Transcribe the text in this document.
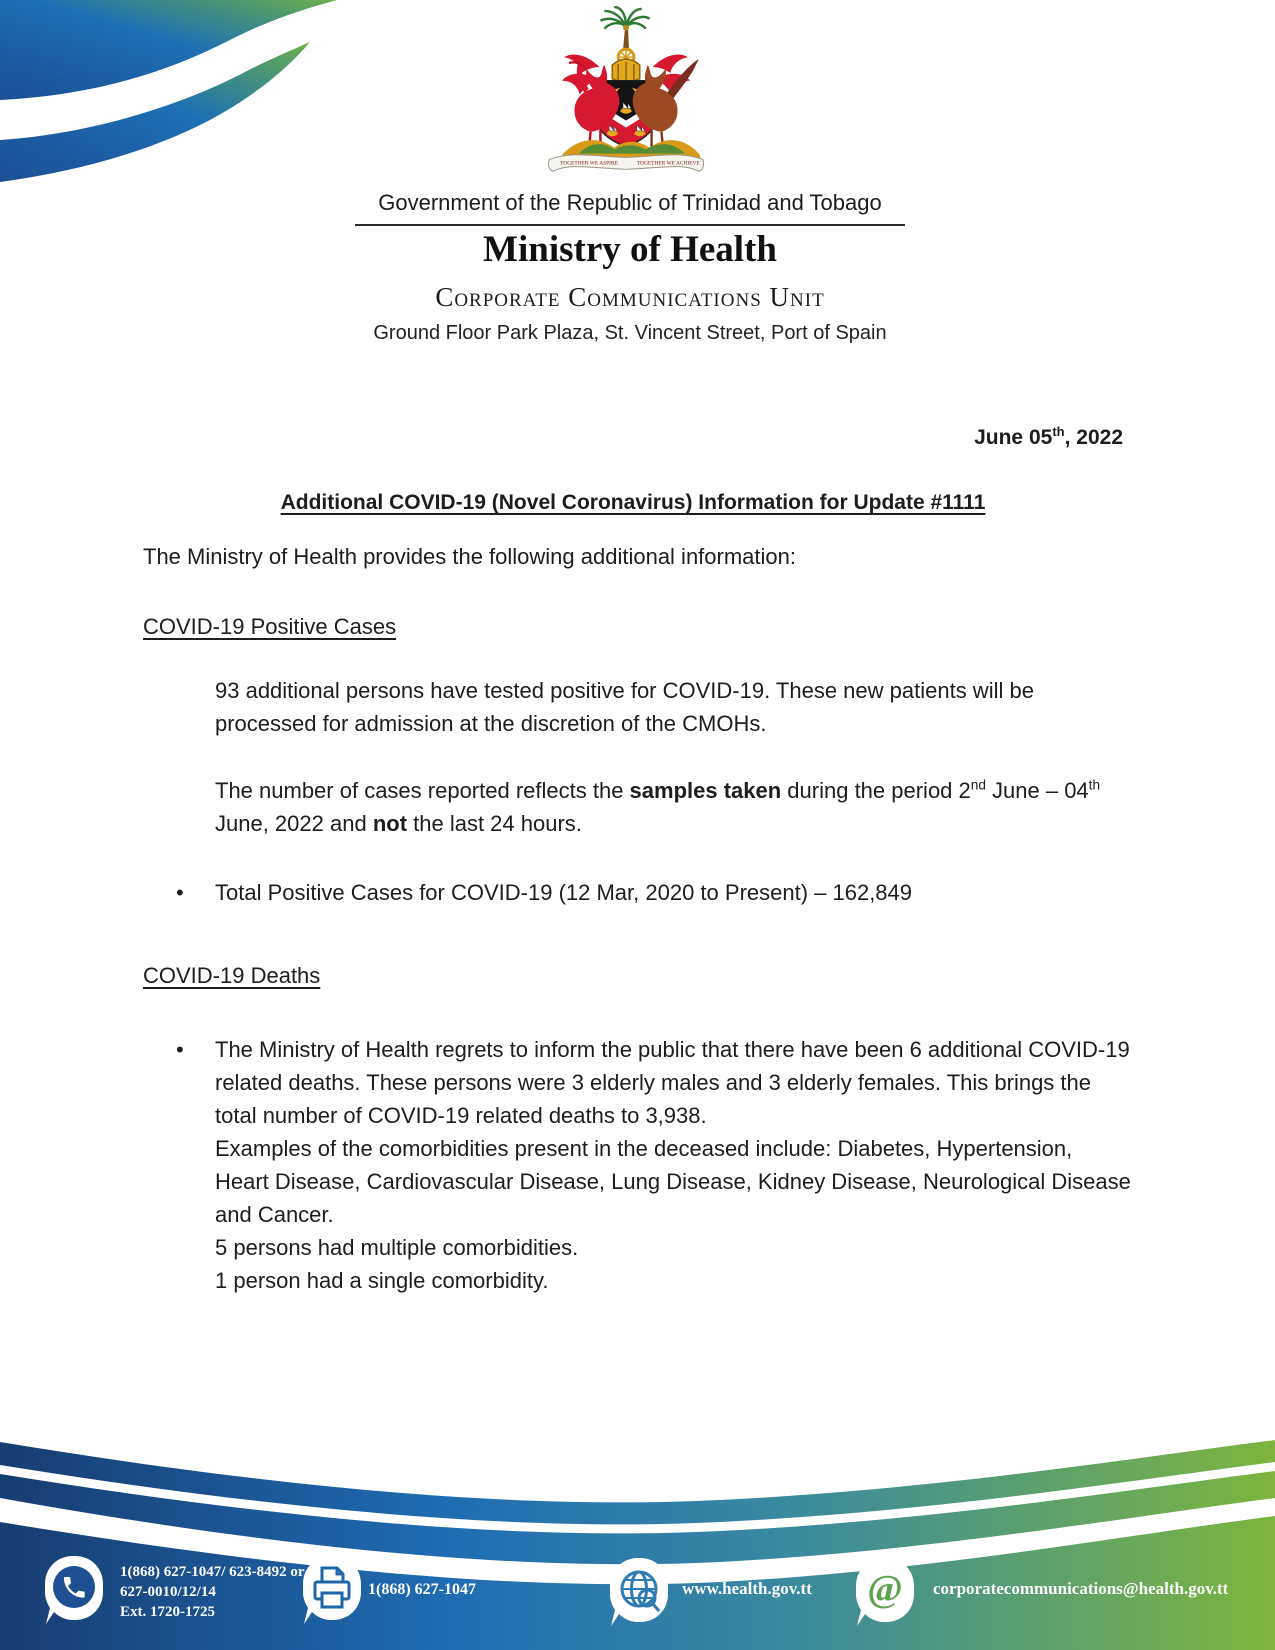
TOGETHER WE ASPIRE	TOGETHER WE ACHIEVE
Government of the Republic of Trinidad and Tobago
Ministry of Health
Corporate Communications Unit
Ground Floor Park Plaza, St. Vincent Street, Port of Spain
June 05th, 2022
Additional COVID-19 (Novel Coronavirus) Information for Update #1111
The Ministry of Health provides the following additional information:
COVID-19 Positive Cases
93 additional persons have tested positive for COVID-19. These new patients will be processed for admission at the discretion of the CMOHs.
The number of cases reported reflects the samples taken during the period 2nd June – 04th June, 2022 and not the last 24 hours.
• Total Positive Cases for COVID-19 (12 Mar, 2020 to Present) – 162,849
COVID-19 Deaths
• The Ministry of Health regrets to inform the public that there have been 6 additional COVID-19 related deaths. These persons were 3 elderly males and 3 elderly females. This brings the total number of COVID-19 related deaths to 3,938.

Examples of the comorbidities present in the deceased include: Diabetes, Hypertension, Heart Disease, Cardiovascular Disease, Lung Disease, Kidney Disease, Neurological Disease and Cancer.

5 persons had multiple comorbidities.

1 person had a single comorbidity.

1(868) 627-1047/ 623-8492 or
627-0010/12/14
Ext. 1720-1725
1(868) 627-1047	www.health.gov.tt @ corporatecommunications@health.gov.tt
